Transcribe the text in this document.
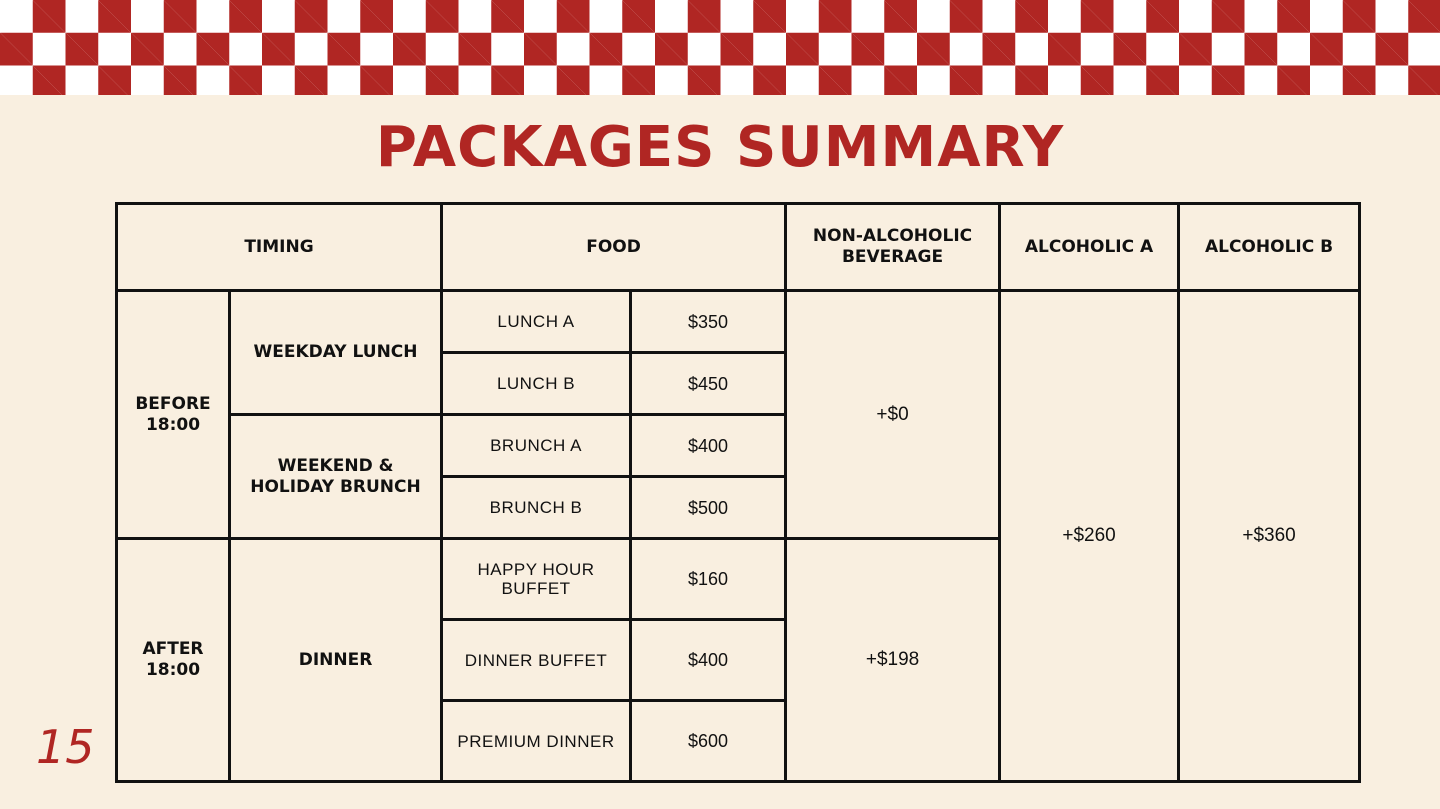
PACKAGES SUMMARY
TIMING		FOOD		NON-ALCOHOLIC BEVERAGE	ALCOHOLIC A	ALCOHOLIC B
BEFORE 18:00	WEEKDAY LUNCH	LUNCH A	$350	+$0	+$260	+$360
		LUNCH B	$450			
	WEEKEND & HOLIDAY BRUNCH	BRUNCH A	$400			
		BRUNCH B	$500			
AFTER 18:00	DINNER	HAPPY HOUR BUFFET	$160	+$198		
		DINNER BUFFET	$400			
		PREMIUM DINNER	$600			
15
